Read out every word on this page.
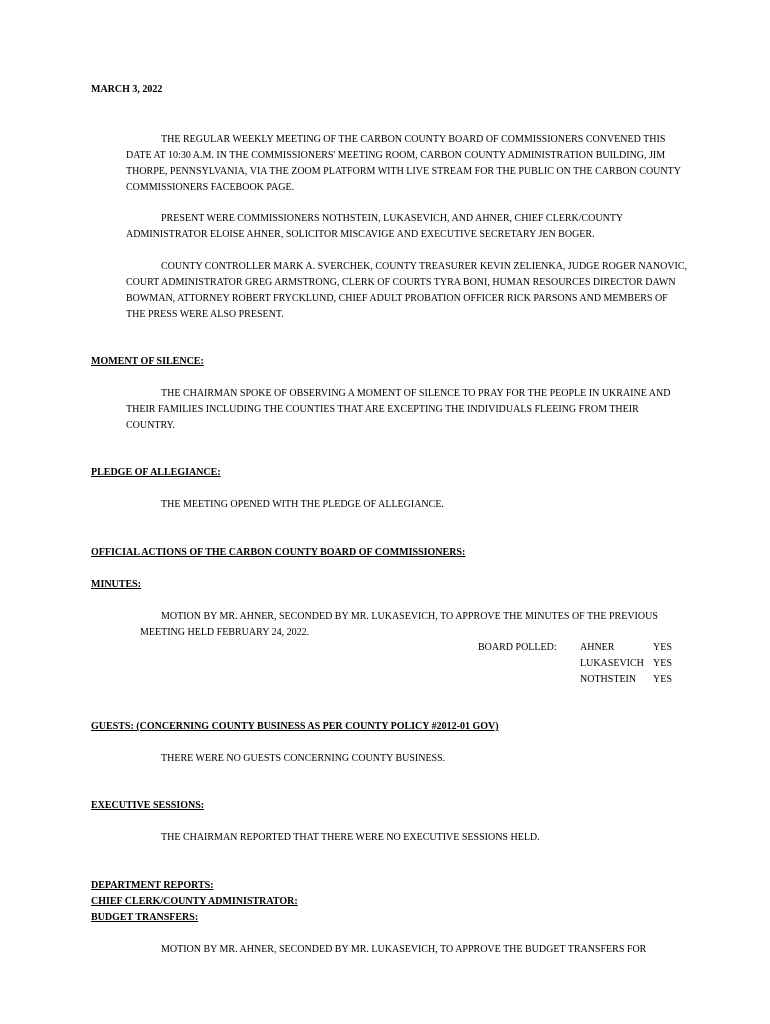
MARCH 3, 2022

THE REGULAR WEEKLY MEETING OF THE CARBON COUNTY BOARD OF COMMISSIONERS CONVENED THIS DATE AT 10:30 A.M. IN THE COMMISSIONERS' MEETING ROOM, CARBON COUNTY ADMINISTRATION BUILDING, JIM THORPE, PENNSYLVANIA, VIA THE ZOOM PLATFORM WITH LIVE STREAM FOR THE PUBLIC ON THE CARBON COUNTY COMMISSIONERS FACEBOOK PAGE.

PRESENT WERE COMMISSIONERS NOTHSTEIN, LUKASEVICH, AND AHNER, CHIEF CLERK/COUNTY ADMINISTRATOR ELOISE AHNER, SOLICITOR MISCAVIGE AND EXECUTIVE SECRETARY JEN BOGER.

COUNTY CONTROLLER MARK A. SVERCHEK, COUNTY TREASURER KEVIN ZELIENKA, JUDGE ROGER NANOVIC, COURT ADMINISTRATOR GREG ARMSTRONG, CLERK OF COURTS TYRA BONI, HUMAN RESOURCES DIRECTOR DAWN BOWMAN, ATTORNEY ROBERT FRYCKLUND, CHIEF ADULT PROBATION OFFICER RICK PARSONS AND MEMBERS OF THE PRESS WERE ALSO PRESENT.

MOMENT OF SILENCE:

THE CHAIRMAN SPOKE OF OBSERVING A MOMENT OF SILENCE TO PRAY FOR THE PEOPLE IN UKRAINE AND THEIR FAMILIES INCLUDING THE COUNTIES THAT ARE EXCEPTING THE INDIVIDUALS FLEEING FROM THEIR COUNTRY.

PLEDGE OF ALLEGIANCE:
THE MEETING OPENED WITH THE PLEDGE OF ALLEGIANCE.
OFFICIAL ACTIONS OF THE CARBON COUNTY BOARD OF COMMISSIONERS:
MINUTES:

MOTION BY MR. AHNER, SECONDED BY MR. LUKASEVICH, TO APPROVE THE MINUTES OF THE PREVIOUS MEETING HELD FEBRUARY 24, 2022.

BOARD POLLED: AHNER	YES
LUKASEVICH YES
NOTHSTEIN YES
GUESTS: (CONCERNING COUNTY BUSINESS AS PER COUNTY POLICY #2012-01 GOV)
THERE WERE NO GUESTS CONCERNING COUNTY BUSINESS.
EXECUTIVE SESSIONS:
THE CHAIRMAN REPORTED THAT THERE WERE NO EXECUTIVE SESSIONS HELD.
DEPARTMENT REPORTS:
CHIEF CLERK/COUNTY ADMINISTRATOR:
BUDGET TRANSFERS:
MOTION BY MR. AHNER, SECONDED BY MR. LUKASEVICH, TO APPROVE THE BUDGET TRANSFERS FOR
